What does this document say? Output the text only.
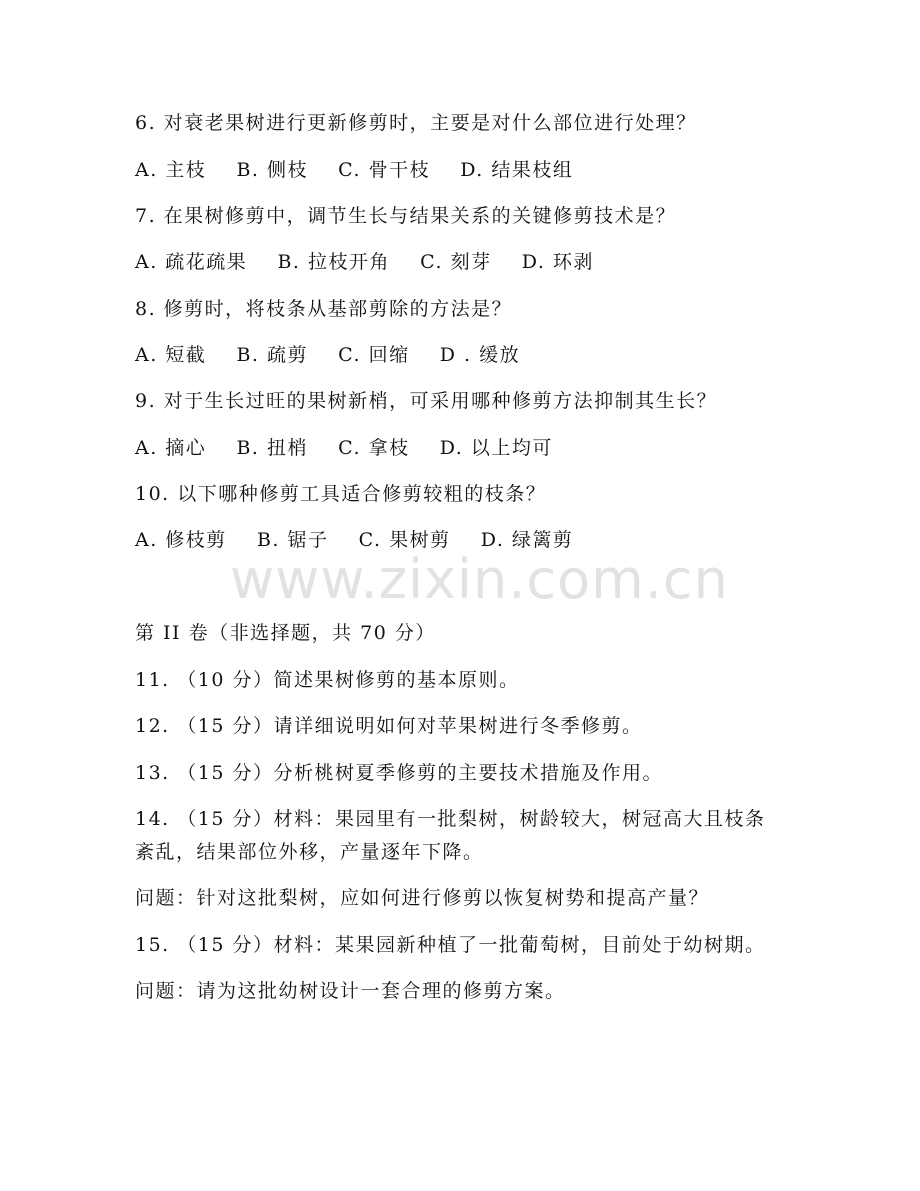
6. 对衰老果树进行更新修剪时，主要是对什么部位进行处理？
A. 主枝    B. 侧枝    C. 骨干枝    D. 结果枝组
7. 在果树修剪中，调节生长与结果关系的关键修剪技术是？
A. 疏花疏果    B. 拉枝开角    C. 刻芽    D. 环剥
8. 修剪时，将枝条从基部剪除的方法是？
A. 短截    B. 疏剪    C. 回缩    D . 缓放
9. 对于生长过旺的果树新梢，可采用哪种修剪方法抑制其生长？
A. 摘心    B. 扭梢    C. 拿枝    D. 以上均可
10. 以下哪种修剪工具适合修剪较粗的枝条？
A. 修枝剪    B. 锯子    C. 果树剪    D. 绿篱剪
www.zixin.com.cn
第 II 卷（非选择题，共 70 分）
11. （10 分）简述果树修剪的基本原则。
12. （15 分）请详细说明如何对苹果树进行冬季修剪。
13. （15 分）分析桃树夏季修剪的主要技术措施及作用。
14. （15 分）材料：果园里有一批梨树，树龄较大，树冠高大且枝条
紊乱，结果部位外移，产量逐年下降。
问题：针对这批梨树，应如何进行修剪以恢复树势和提高产量？
15. （15 分）材料：某果园新种植了一批葡萄树，目前处于幼树期。
问题：请为这批幼树设计一套合理的修剪方案。
